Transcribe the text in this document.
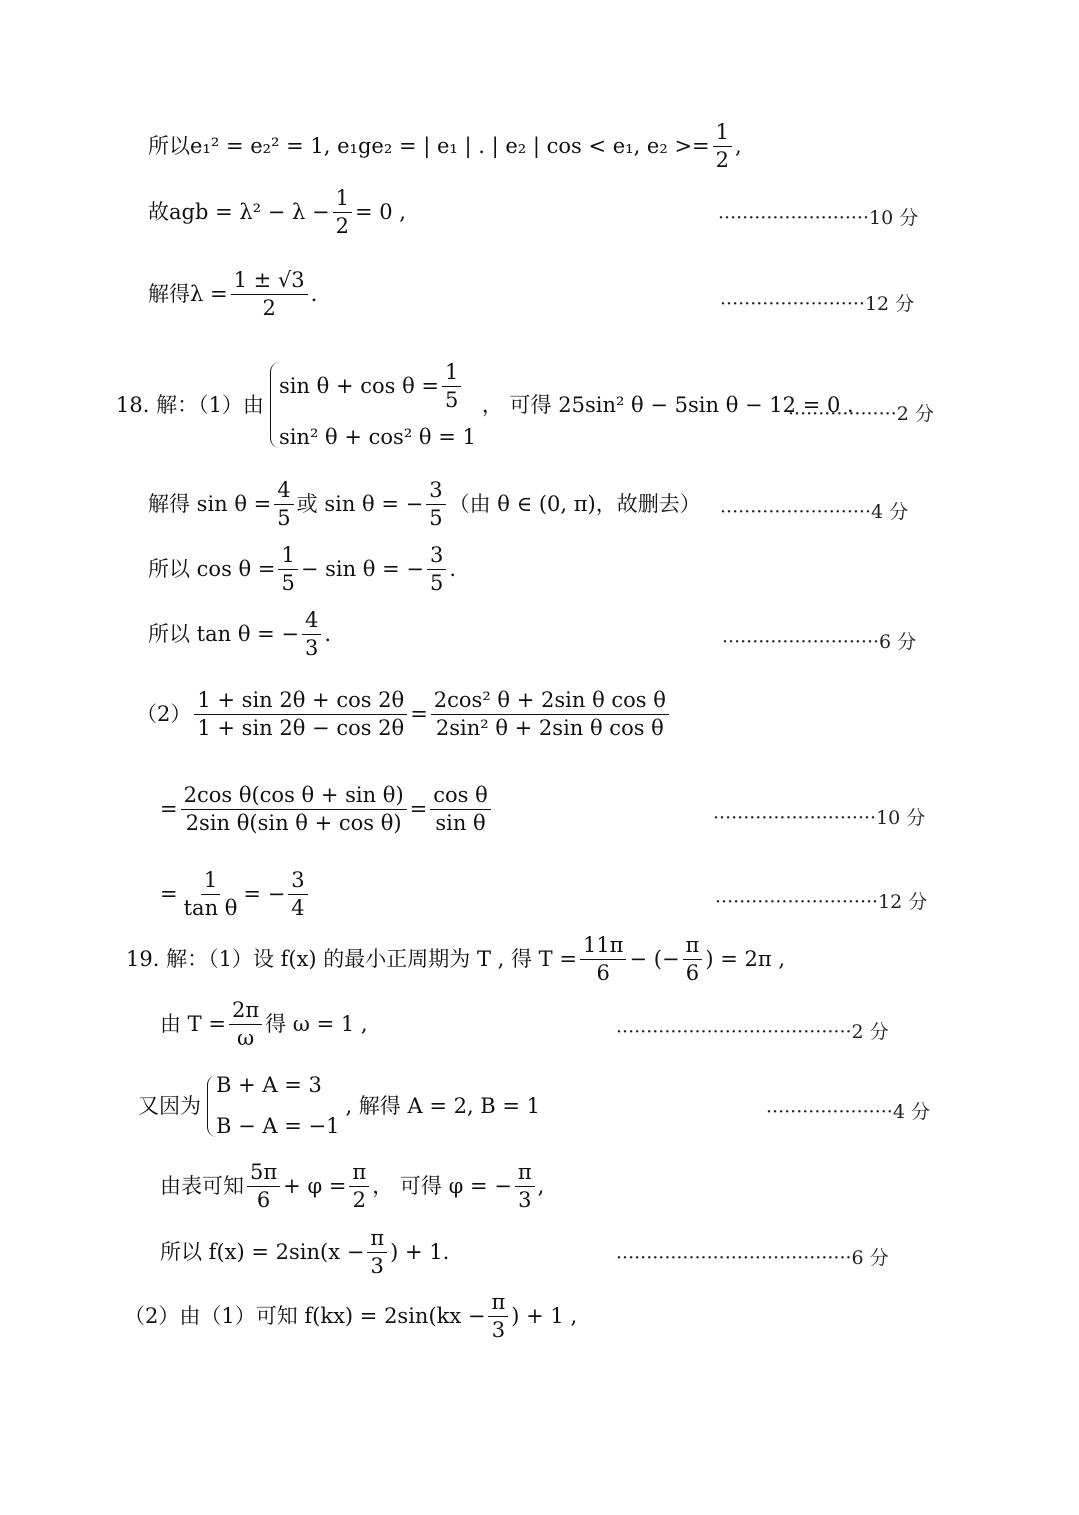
所以 e₁² = e₂² = 1, e₁ge₂ = | e₁ | . | e₂ | cos < e₁, $e_2 >= \frac{1}{2}$ ,
故 agb = $\lambda^2 - \lambda - \frac{1}{2} = 0$ ,	·························10 分
解得 $\lambda = \frac{1 \pm √3}{2}$ .	························12 分
18. 解：（1）由
$\sin \theta + \cos \theta = \frac{1}{5}$
sin² θ + cos² θ = 1
， 可得 25sin² θ − 5sin θ − 12 = 0 .
··················2 分
解得 $\sin \theta = \frac{4}{5}$ 或 sin θ = − $\frac{3}{5}$ （由 θ ∈ (0, π)，故删去） ·························4 分
所以 $\cos \theta = \frac{1}{5} - \sin \theta$ = − $\frac{3}{5}$ .
所以 tan θ = − $\frac{4}{3}$ .	··························6 分
$(2) \frac{1 + \sin 2\theta + \cos 2\theta}{1 + \sin 2\theta - \cos 2\theta} = \frac{\text{2cos² θ + 2sin θ cos θ}}{\text{2sin² θ + 2sin θ cos θ}}$
= $\frac{\text{2cos θ(cos θ + sin θ)}}{\text{2sin θ(sin θ + cos θ)}} = \frac{\text{cos θ}}{\text{sin θ}}$	···························10 分
= $\frac{1}{\text{tan θ}}$ = − $\frac{3}{4}$	···························12 分
19. 解：（1）设 f(x) 的最小正周期为 T , 得 $T = \frac{11\pi}{6}$ − (− $\frac{\pi}{6}$ ) = 2π ,
由 $T = \frac{2\pi}{\omega}$ 得 ω = 1 ,	·······································2 分
又因为
B + A = 3
B − A = −1
, 解得 A = 2, B = 1	·····················4 分
由表可知 $\frac{5\pi}{6} + \varphi = \frac{\pi}{2}$ ， 可得 φ = − $\frac{\pi}{3}$ ,
所以 $f(x) = 2\sin(x - \frac{\pi}{3}$ ) + 1.	·······································6 分
（2）由（1）可知 $f(kx) = 2\sin(kx - \frac{\pi}{3}$ ) + 1 ,
